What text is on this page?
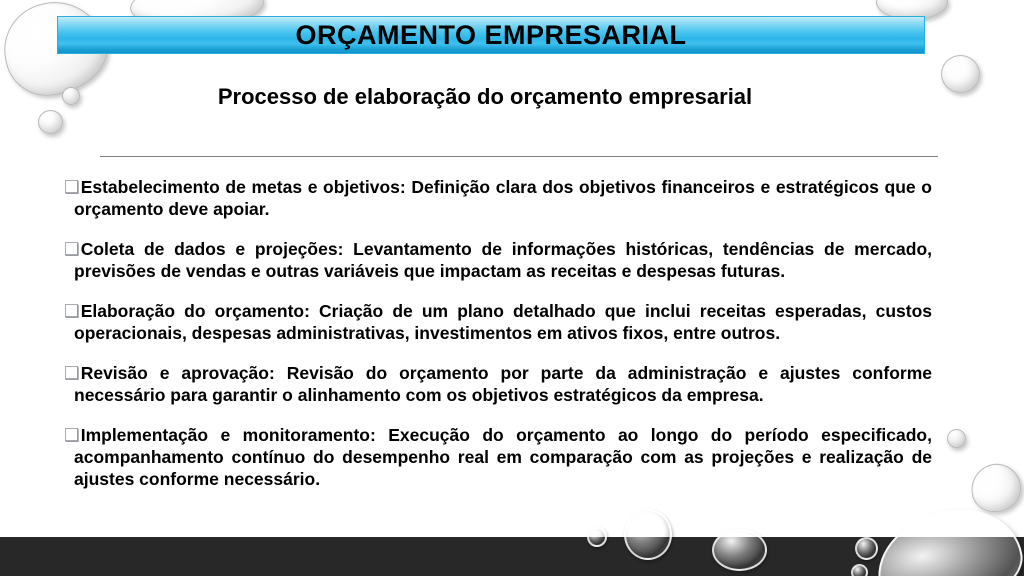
ORÇAMENTO EMPRESARIAL
Processo de elaboração do orçamento empresarial

❑Estabelecimento de metas e objetivos: Definição clara dos objetivos financeiros e estratégicos que o orçamento deve apoiar.

❑Coleta de dados e projeções: Levantamento de informações históricas, tendências de mercado, previsões de vendas e outras variáveis que impactam as receitas e despesas futuras.

❑Elaboração do orçamento: Criação de um plano detalhado que inclui receitas esperadas, custos operacionais, despesas administrativas, investimentos em ativos fixos, entre outros.

❑Revisão e aprovação: Revisão do orçamento por parte da administração e ajustes conforme necessário para garantir o alinhamento com os objetivos estratégicos da empresa.

❑Implementação e monitoramento: Execução do orçamento ao longo do período especificado, acompanhamento contínuo do desempenho real em comparação com as projeções e realização de ajustes conforme necessário.
